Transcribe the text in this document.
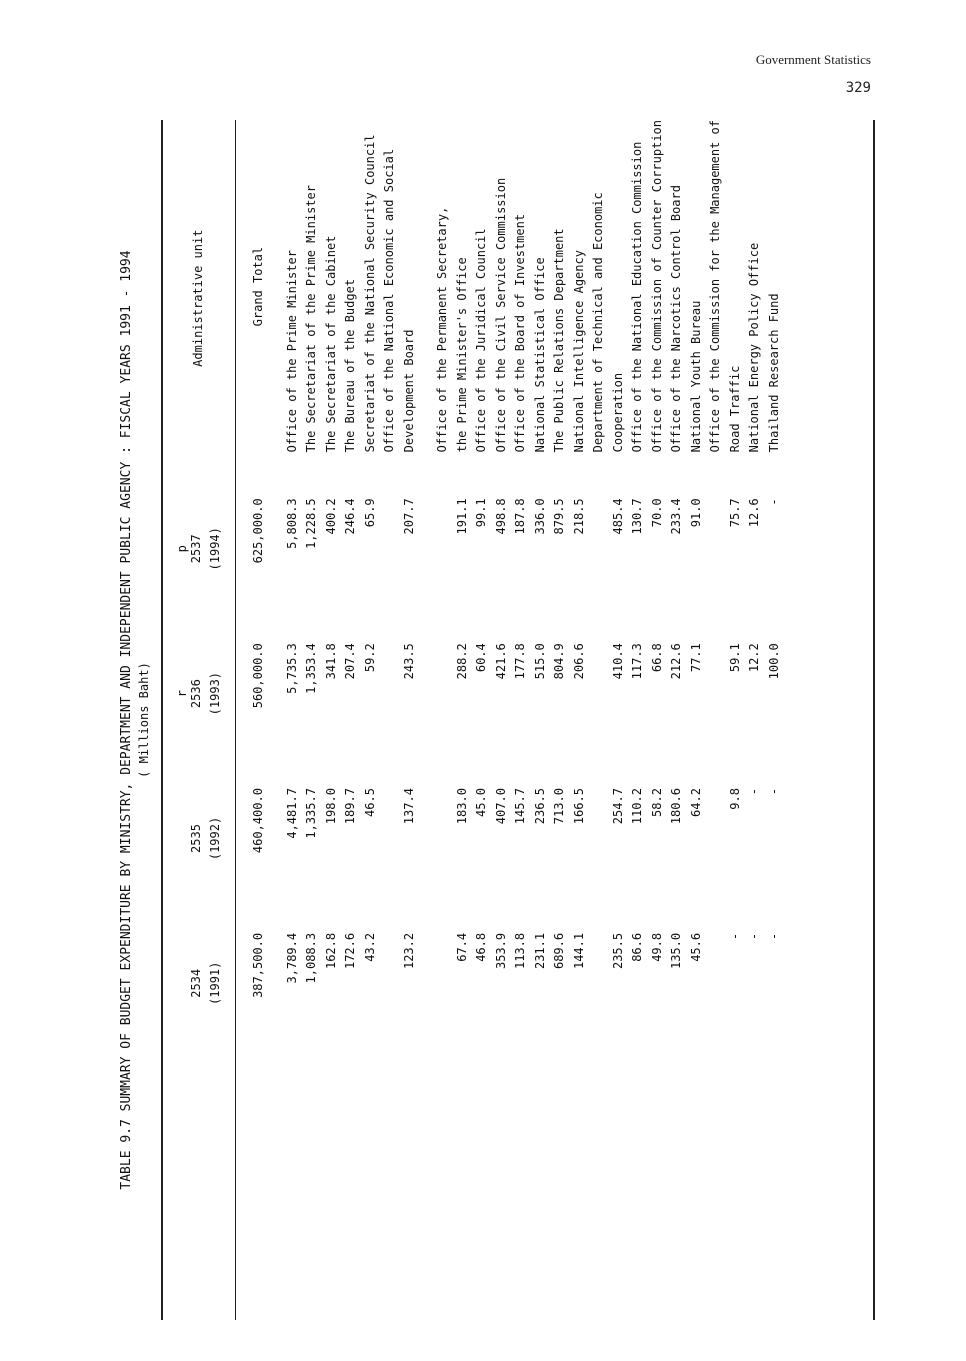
Government Statistics
329
TABLE 9.7 SUMMARY OF BUDGET EXPENDITURE BY MINISTRY, DEPARTMENT AND INDEPENDENT PUBLIC AGENCY : FISCAL YEARS 1991 - 1994 ( Millions Baht)

	2534 (1991)	2535 (1992)	r 2536 (1993)	p 2537 (1994)	Administrative unit

	387,500.0	460,400.0	560,000.0	625,000.0	Grand Total

	3,789.4	4,481.7	5,735.3	5,808.3	Office of the Prime Minister
	1,088.3	1,335.7	1,353.4	1,228.5	The Secretariat of the Prime Minister
	162.8	198.0	341.8	400.2	The Secretariat of the Cabinet
	172.6	189.7	207.4	246.4	The Bureau of the Budget
	43.2	46.5	59.2	65.9	Secretariat of the National Security Council
					Office of the National Economic and Social
	123.2	137.4	243.5	207.7	Development Board

					Office of the Permanent Secretary,
	67.4	183.0	288.2	191.1	the Prime Minister's Office
	46.8	45.0	60.4	99.1	Office of the Juridical Council
	353.9	407.0	421.6	498.8	Office of the Civil Service Commission
	113.8	145.7	177.8	187.8	Office of the Board of Investment
	231.1	236.5	515.0	336.0	National Statistical Office
	689.6	713.0	804.9	879.5	The Public Relations Department
	144.1	166.5	206.6	218.5	National Intelligence Agency
					Department of Technical and Economic
	235.5	254.7	410.4	485.4	Cooperation
	86.6	110.2	117.3	130.7	Office of the National Education Commission

	49.8	58.2	66.8	70.0	Office of the Commission of Counter Corruption

	135.0	180.6	212.6	233.4	Office of the Narcotics Control Board

	45.6	64.2	77.1	91.0	National Youth Bureau
					Office of the Commission for the Management of
	-	9.8	59.1	75.7	Road Traffic
	-	-	12.2	12.6	National Energy Policy Office
	-	-	100.0	-	Thailand Research Fund
